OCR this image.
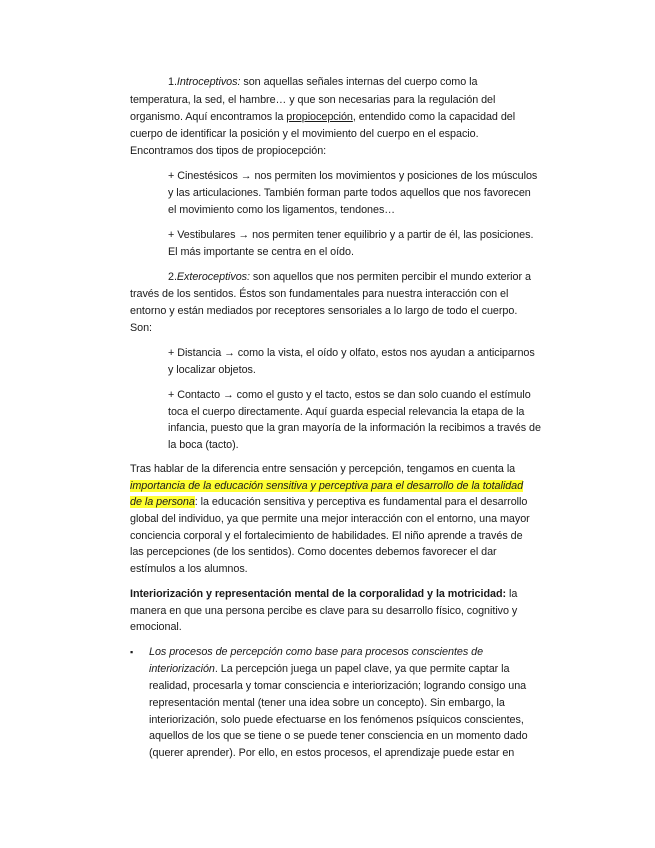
1.Introceptivos: son aquellas señales internas del cuerpo como la
temperatura, la sed, el hambre… y que son necesarias para la regulación del
organismo. Aquí encontramos la propiocepción, entendido como la capacidad del
cuerpo de identificar la posición y el movimiento del cuerpo en el espacio.
Encontramos dos tipos de propiocepción:
+ Cinestésicos → nos permiten los movimientos y posiciones de los músculos
y las articulaciones. También forman parte todos aquellos que nos favorecen
el movimiento como los ligamentos, tendones…
+ Vestibulares → nos permiten tener equilibrio y a partir de él, las posiciones.
El más importante se centra en el oído.
2.Exteroceptivos: son aquellos que nos permiten percibir el mundo exterior a
través de los sentidos. Éstos son fundamentales para nuestra interacción con el
entorno y están mediados por receptores sensoriales a lo largo de todo el cuerpo.
Son:
+ Distancia → como la vista, el oído y olfato, estos nos ayudan a anticiparnos
y localizar objetos.
+ Contacto → como el gusto y el tacto, estos se dan solo cuando el estímulo
toca el cuerpo directamente. Aquí guarda especial relevancia la etapa de la
infancia, puesto que la gran mayoría de la información la recibimos a través de
la boca (tacto).
Tras hablar de la diferencia entre sensación y percepción, tengamos en cuenta la
importancia de la educación sensitiva y perceptiva para el desarrollo de la totalidad
de la persona: la educación sensitiva y perceptiva es fundamental para el desarrollo
global del individuo, ya que permite una mejor interacción con el entorno, una mayor
conciencia corporal y el fortalecimiento de habilidades. El niño aprende a través de
las percepciones (de los sentidos). Como docentes debemos favorecer el dar
estímulos a los alumnos.
Interiorización y representación mental de la corporalidad y la motricidad: la
manera en que una persona percibe es clave para su desarrollo físico, cognitivo y
emocional.
▪ Los procesos de percepción como base para procesos conscientes de
interiorización. La percepción juega un papel clave, ya que permite captar la
realidad, procesarla y tomar consciencia e interiorización; logrando consigo una
representación mental (tener una idea sobre un concepto). Sin embargo, la
interiorización, solo puede efectuarse en los fenómenos psíquicos conscientes,
aquellos de los que se tiene o se puede tener consciencia en un momento dado
(querer aprender). Por ello, en estos procesos, el aprendizaje puede estar en
